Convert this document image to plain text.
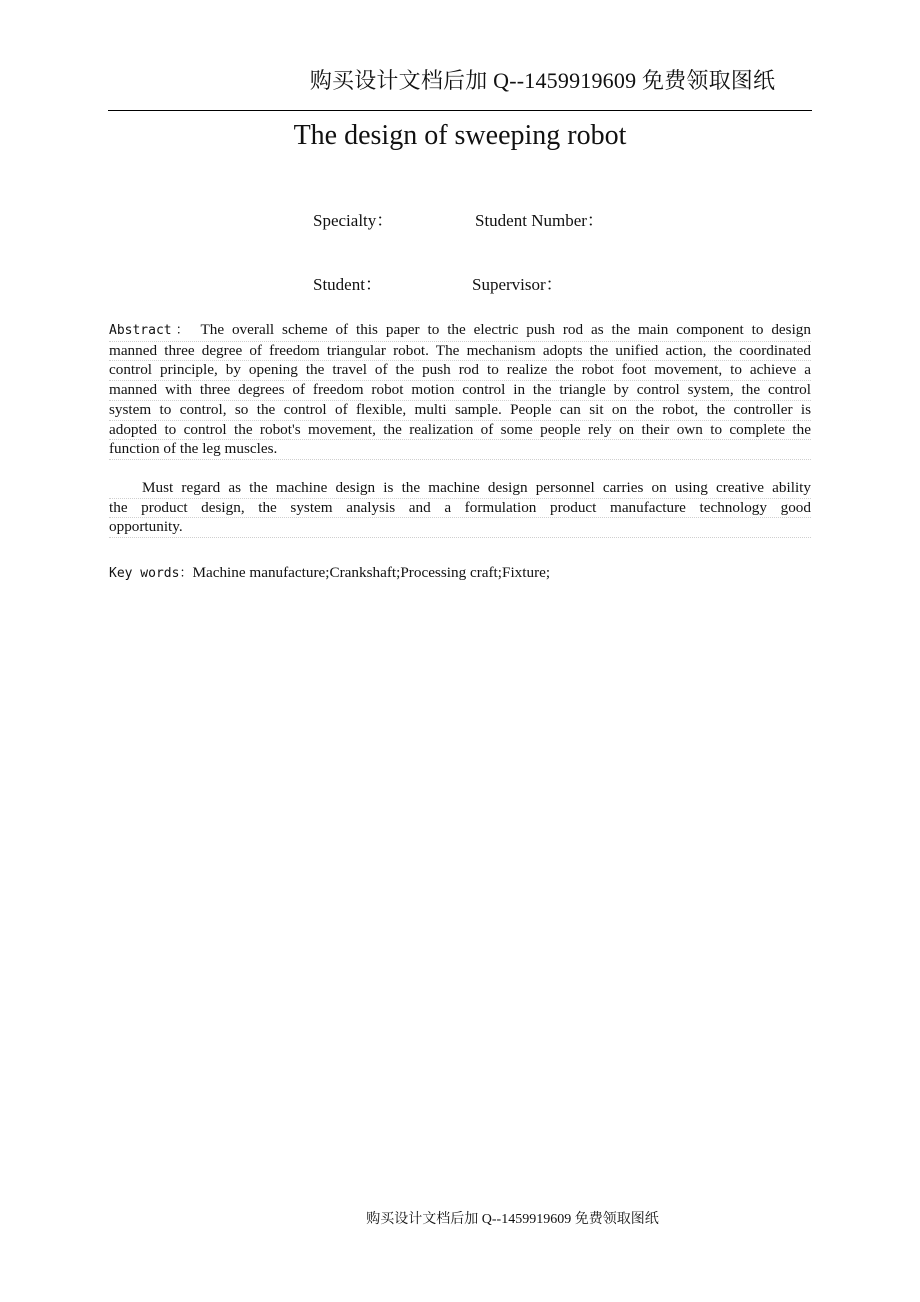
购买设计文档后加 Q--1459919609 免费领取图纸
The design of sweeping robot
Specialty：	Student Number：
Student：	Supervisor：
Abstract： The overall scheme of this paper to the electric push rod as the main component to design
manned three degree of freedom triangular robot. The mechanism adopts the unified action, the coordinated
control principle, by opening the travel of the push rod to realize the robot foot movement, to achieve a
manned with three degrees of freedom robot motion control in the triangle by control system, the control
system to control, so the control of flexible, multi sample. People can sit on the robot, the controller is
adopted to control the robot's movement, the realization of some people rely on their own to complete the
function of the leg muscles.
Must regard as the machine design is the machine design personnel carries on using creative ability
the product design, the system analysis and a formulation product manufacture technology good
opportunity.
Key words：Machine manufacture;Crankshaft;Processing craft;Fixture;
购买设计文档后加 Q--1459919609 免费领取图纸
